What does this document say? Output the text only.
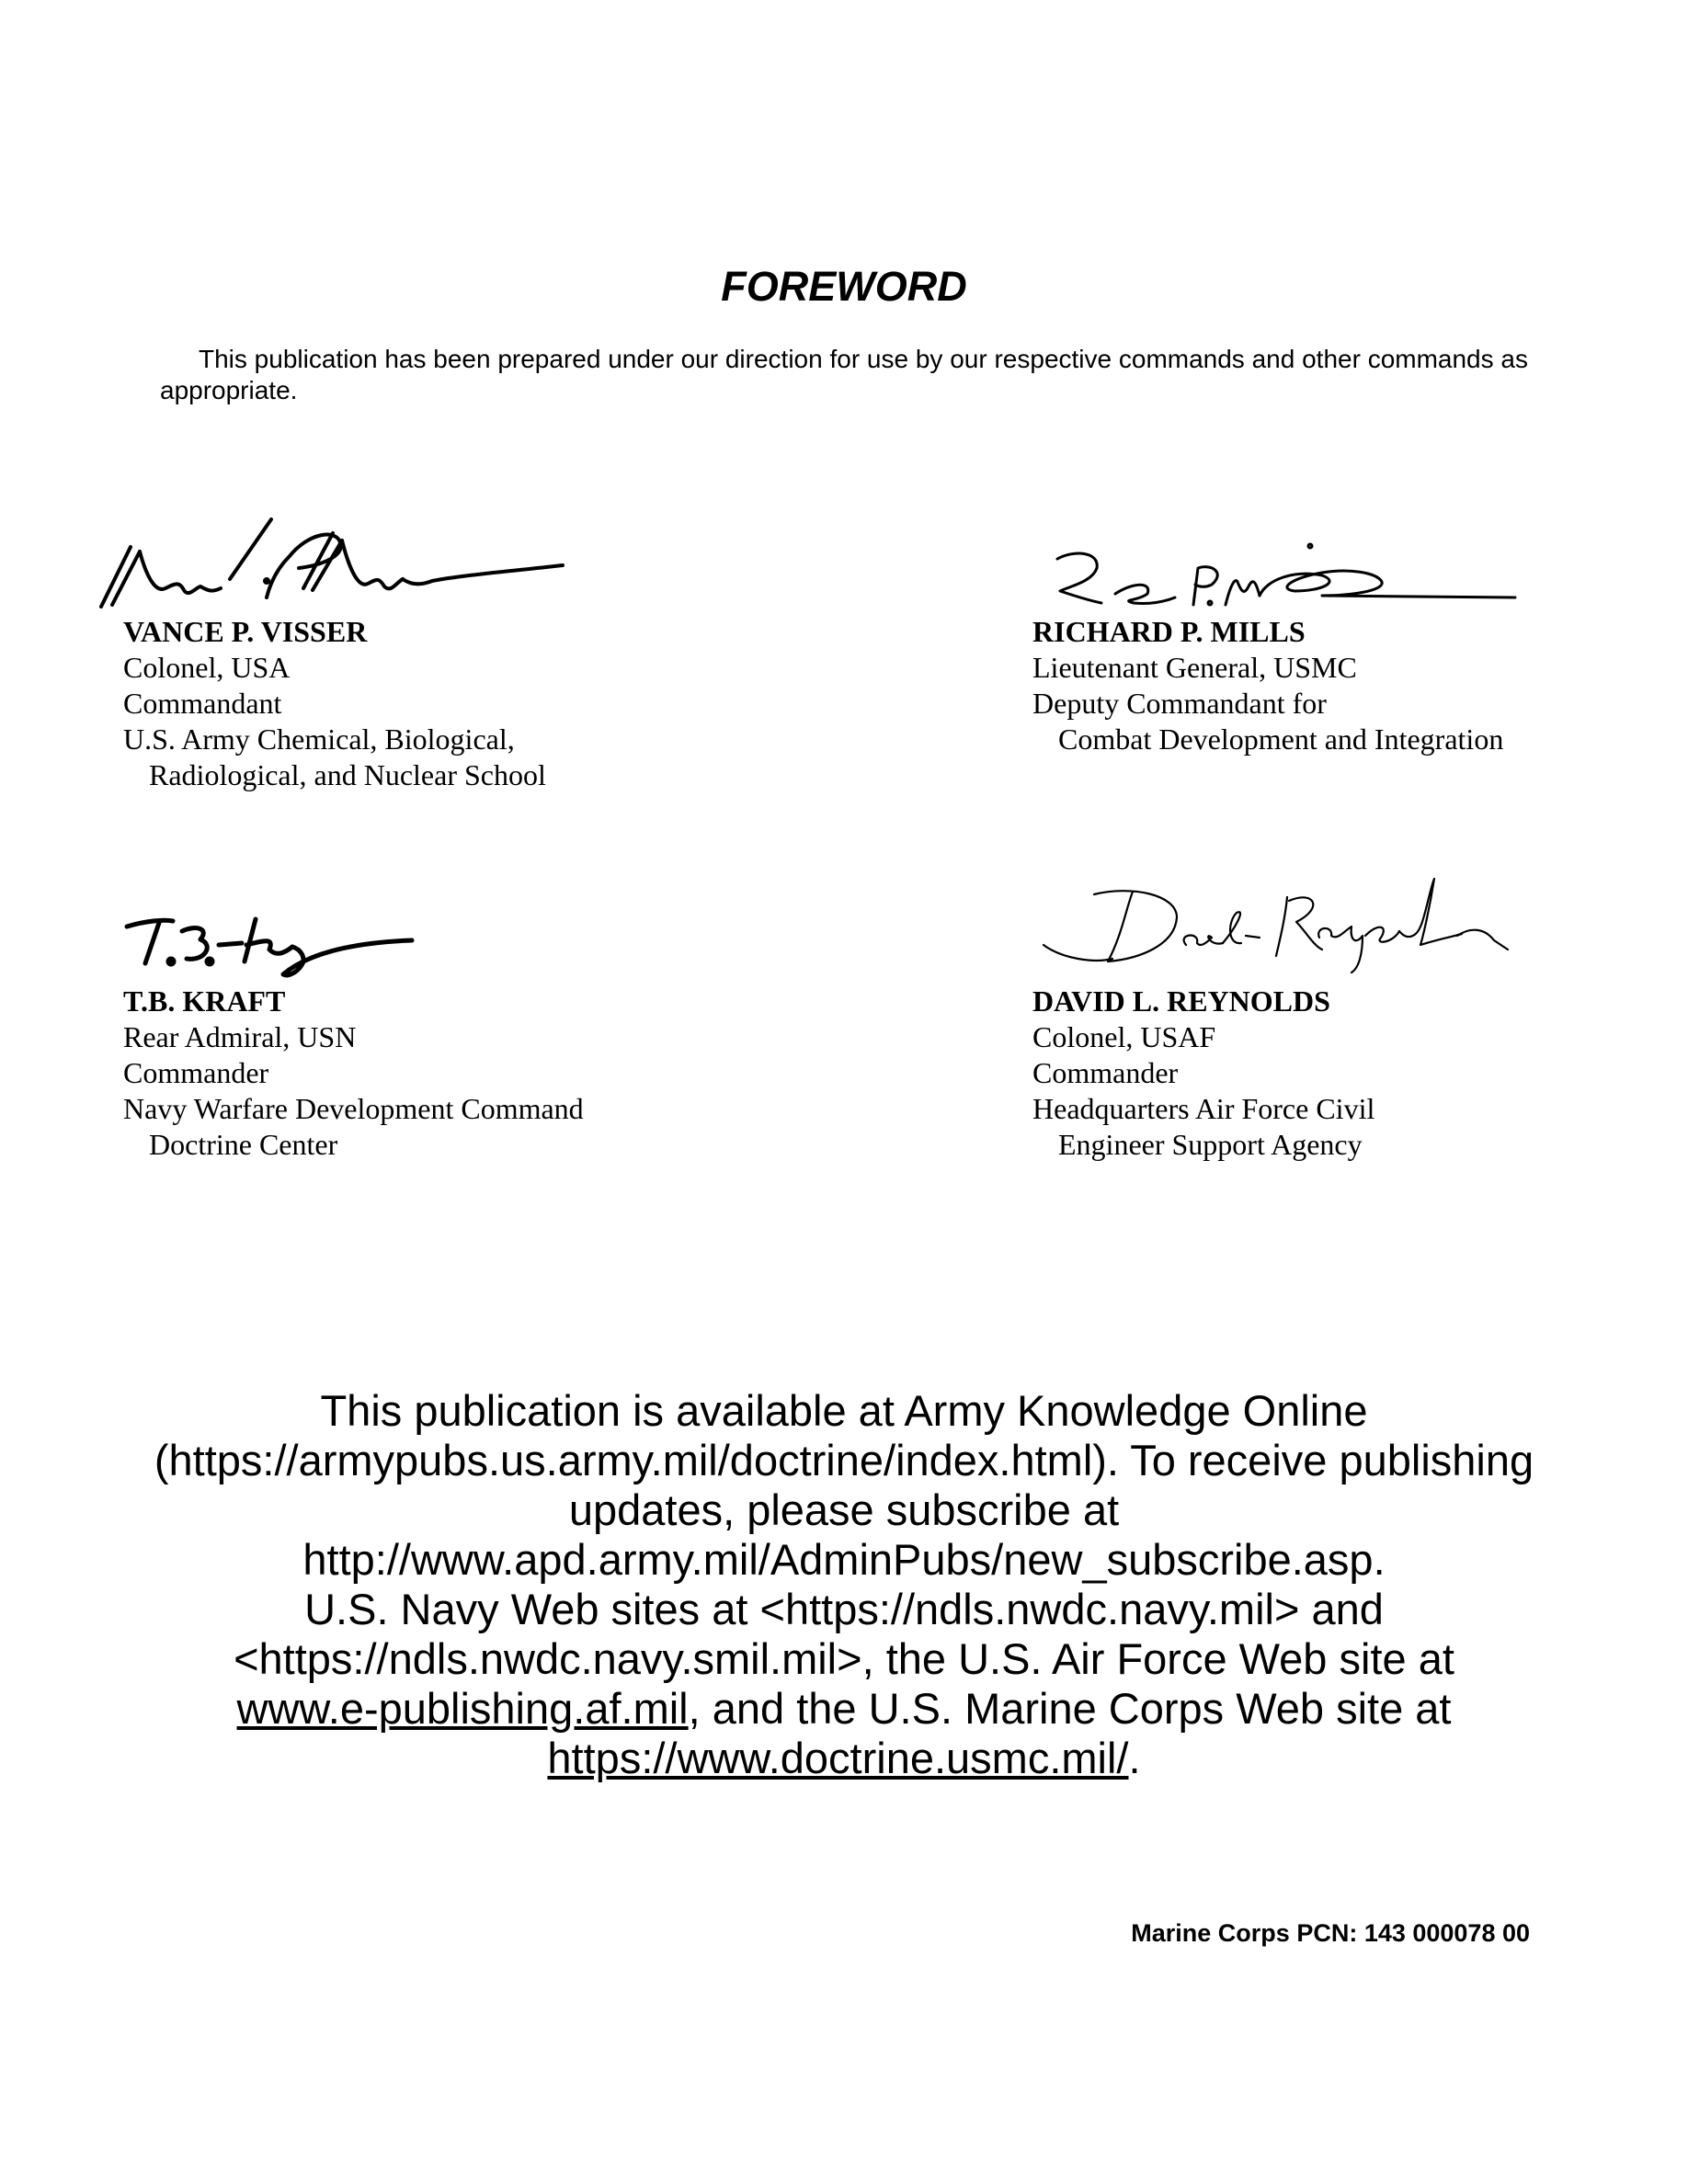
FOREWORD

This publication has been prepared under our direction for use by our respective commands and other commands as appropriate.

VANCE P. VISSER
Colonel, USA
Commandant
U.S. Army Chemical, Biological,
Radiological, and Nuclear School
RICHARD P. MILLS
Lieutenant General, USMC
Deputy Commandant for
Combat Development and Integration
T.B. KRAFT
Rear Admiral, USN
Commander
Navy Warfare Development Command
Doctrine Center
DAVID L. REYNOLDS
Colonel, USAF
Commander
Headquarters Air Force Civil
Engineer Support Agency
This publication is available at Army Knowledge Online
(https://armypubs.us.army.mil/doctrine/index.html). To receive publishing
updates, please subscribe at
http://www.apd.army.mil/AdminPubs/new_subscribe.asp.
U.S. Navy Web sites at <https://ndls.nwdc.navy.mil> and
<https://ndls.nwdc.navy.smil.mil>, the U.S. Air Force Web site at
www.e-publishing.af.mil, and the U.S. Marine Corps Web site at
https://www.doctrine.usmc.mil/.

Marine Corps PCN: 143 000078 00
